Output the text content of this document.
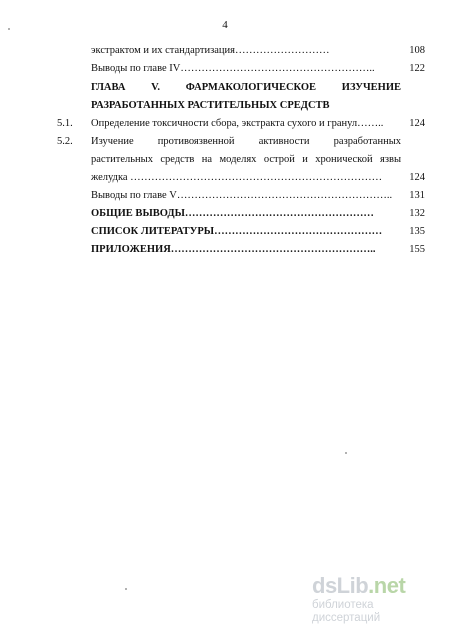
4
экстрактом и их стандартизация………………………	108
Выводы по главе IV………………………………………………..	122
ГЛАВА V. ФАРМАКОЛОГИЧЕСКОЕ ИЗУЧЕНИЕ
РАЗРАБОТАННЫХ РАСТИТЕЛЬНЫХ СРЕДСТВ
5.1. Определение токсичности сбора, экстракта сухого и гранул……..	124
5.2. Изучение противоязвенной активности разработанных
растительных средств на моделях острой и хронической язвы
желудка ………………………………………………………………	124
Выводы по главе V……………………………………………………..	131
ОБЩИЕ ВЫВОДЫ………………………………………………	132
СПИСОК ЛИТЕРАТУРЫ…………………………………………	135
ПРИЛОЖЕНИЯ…………………………………………………..	155
dsLib.net
библиотека диссертаций
